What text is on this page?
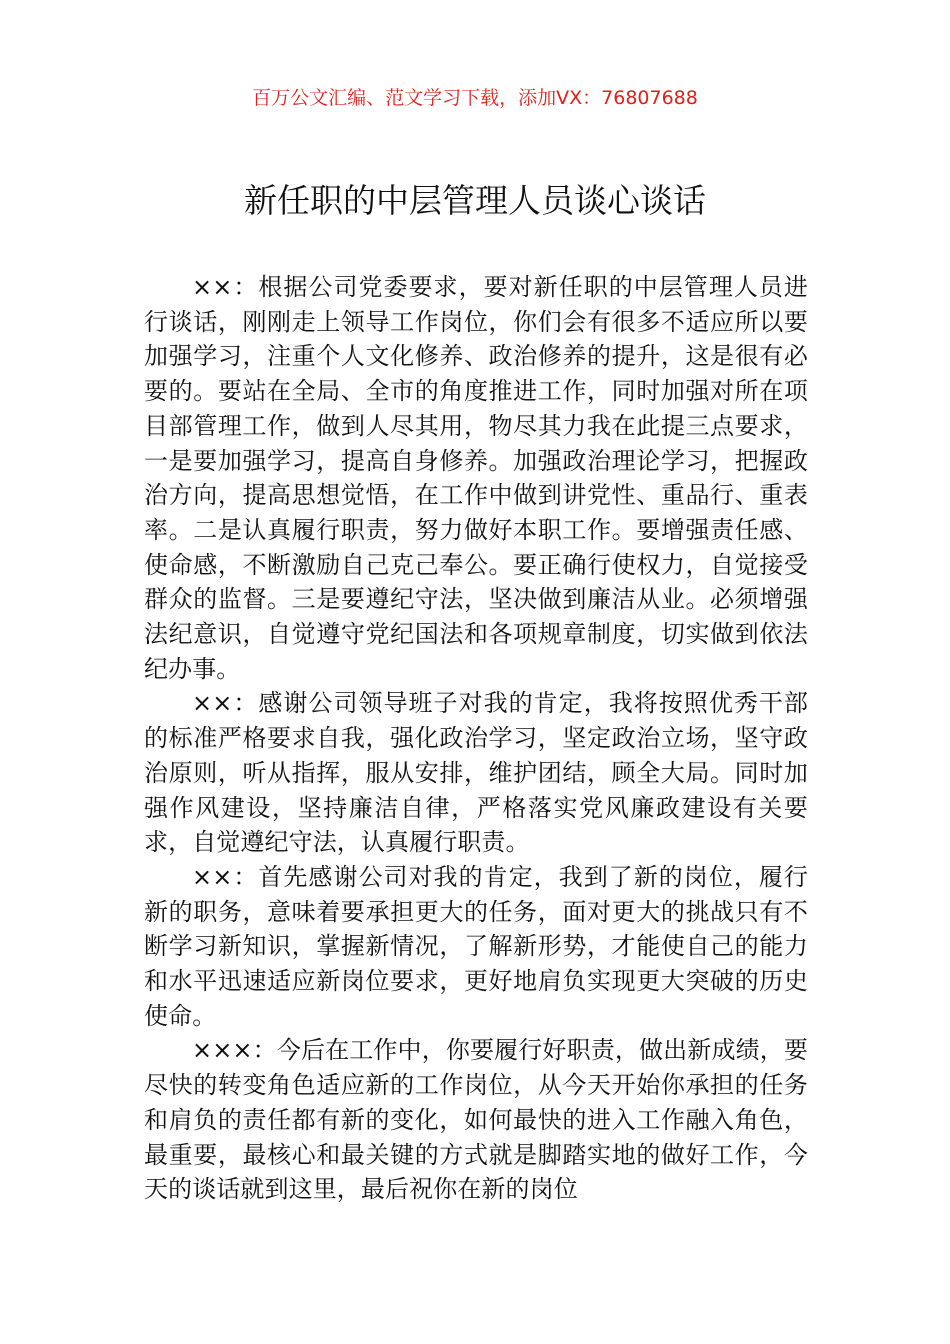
百万公文汇编、范文学习下载，添加VX：76807688
新任职的中层管理人员谈心谈话

××：根据公司党委要求，要对新任职的中层管理人员进行谈话，刚刚走上领导工作岗位，你们会有很多不适应所以要加强学习，注重个人文化修养、政治修养的提升，这是很有必要的。要站在全局、全市的角度推进工作，同时加强对所在项目部管理工作，做到人尽其用，物尽其力我在此提三点要求，一是要加强学习，提高自身修养。加强政治理论学习，把握政治方向，提高思想觉悟，在工作中做到讲党性、重品行、重表率。二是认真履行职责，努力做好本职工作。要增强责任感、使命感，不断激励自己克己奉公。要正确行使权力，自觉接受群众的监督。三是要遵纪守法，坚决做到廉洁从业。必须增强法纪意识，自觉遵守党纪国法和各项规章制度，切实做到依法纪办事。

××：感谢公司领导班子对我的肯定，我将按照优秀干部的标准严格要求自我，强化政治学习，坚定政治立场，坚守政治原则，听从指挥，服从安排，维护团结，顾全大局。同时加强作风建设，坚持廉洁自律，严格落实党风廉政建设有关要求，自觉遵纪守法，认真履行职责。

××：首先感谢公司对我的肯定，我到了新的岗位，履行新的职务，意味着要承担更大的任务，面对更大的挑战只有不断学习新知识，掌握新情况，了解新形势，才能使自己的能力和水平迅速适应新岗位要求，更好地肩负实现更大突破的历史使命。

×××：今后在工作中，你要履行好职责，做出新成绩，要尽快的转变角色适应新的工作岗位，从今天开始你承担的任务和肩负的责任都有新的变化，如何最快的进入工作融入角色，最重要，最核心和最关键的方式就是脚踏实地的做好工作，今天的谈话就到这里，最后祝你在新的岗位
